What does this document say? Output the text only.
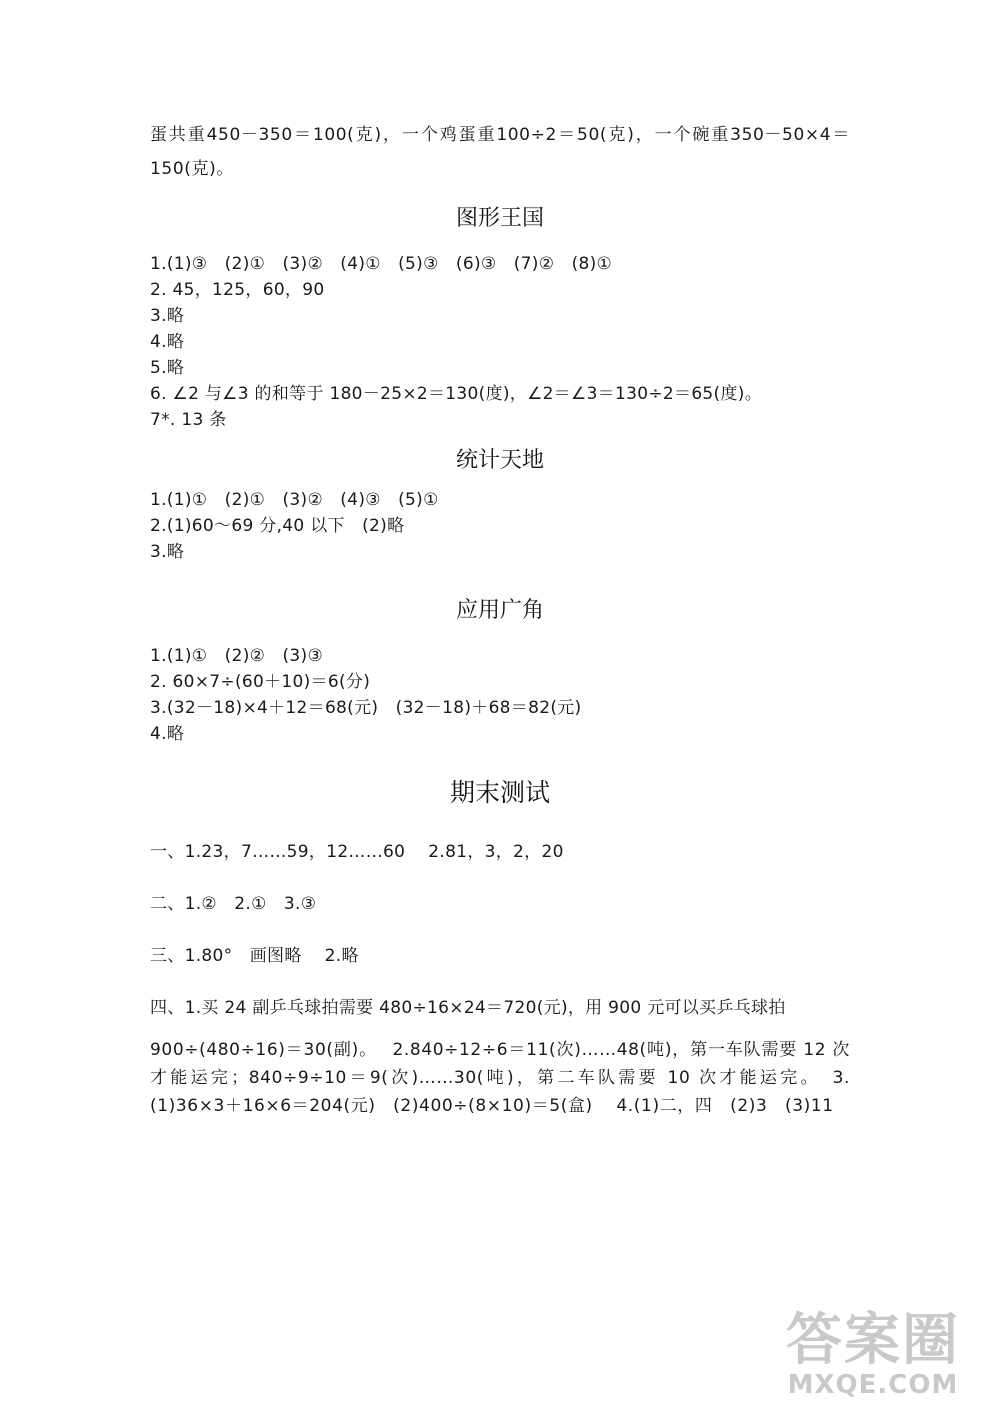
蛋共重450－350＝100(克)，一个鸡蛋重100÷2＝50(克)，一个碗重350－50×4＝150(克)。
图形王国
1.(1)③　(2)①　(3)②　(4)①　(5)③　(6)③　(7)②　(8)①
2. 45，125，60，90
3.略
4.略
5.略
6. ∠2 与∠3 的和等于 180－25×2＝130(度)，∠2＝∠3＝130÷2＝65(度)。
7*. 13 条
统计天地
1.(1)①　(2)①　(3)②　(4)③　(5)①
2.(1)60～69 分,40 以下　(2)略
3.略
应用广角
1.(1)①　(2)②　(3)③
2. 60×7÷(60＋10)＝6(分)
3.(32－18)×4＋12＝68(元)　(32－18)＋68＝82(元)
4.略
期末测试
一、1.23，7……59，12……60　 2.81，3，2，20
二、1.②　2.①　3.③
三、1.80°　画图略　 2.略
四、1.买 24 副乒乓球拍需要 480÷16×24＝720(元)，用 900 元可以买乒乓球拍
900÷(480÷16)＝30(副)。　 2.840÷12÷6＝11(次)……48(吨)，第一车队需要 12 次才能运完；840÷9÷10＝9(次)……30(吨)，第二车队需要 10 次才能运完。　3.(1)36×3＋16×6＝204(元)　(2)400÷(8×10)＝5(盒)　 4.(1)二，四　(2)3　(3)11
答案圈
MXQE.COM
